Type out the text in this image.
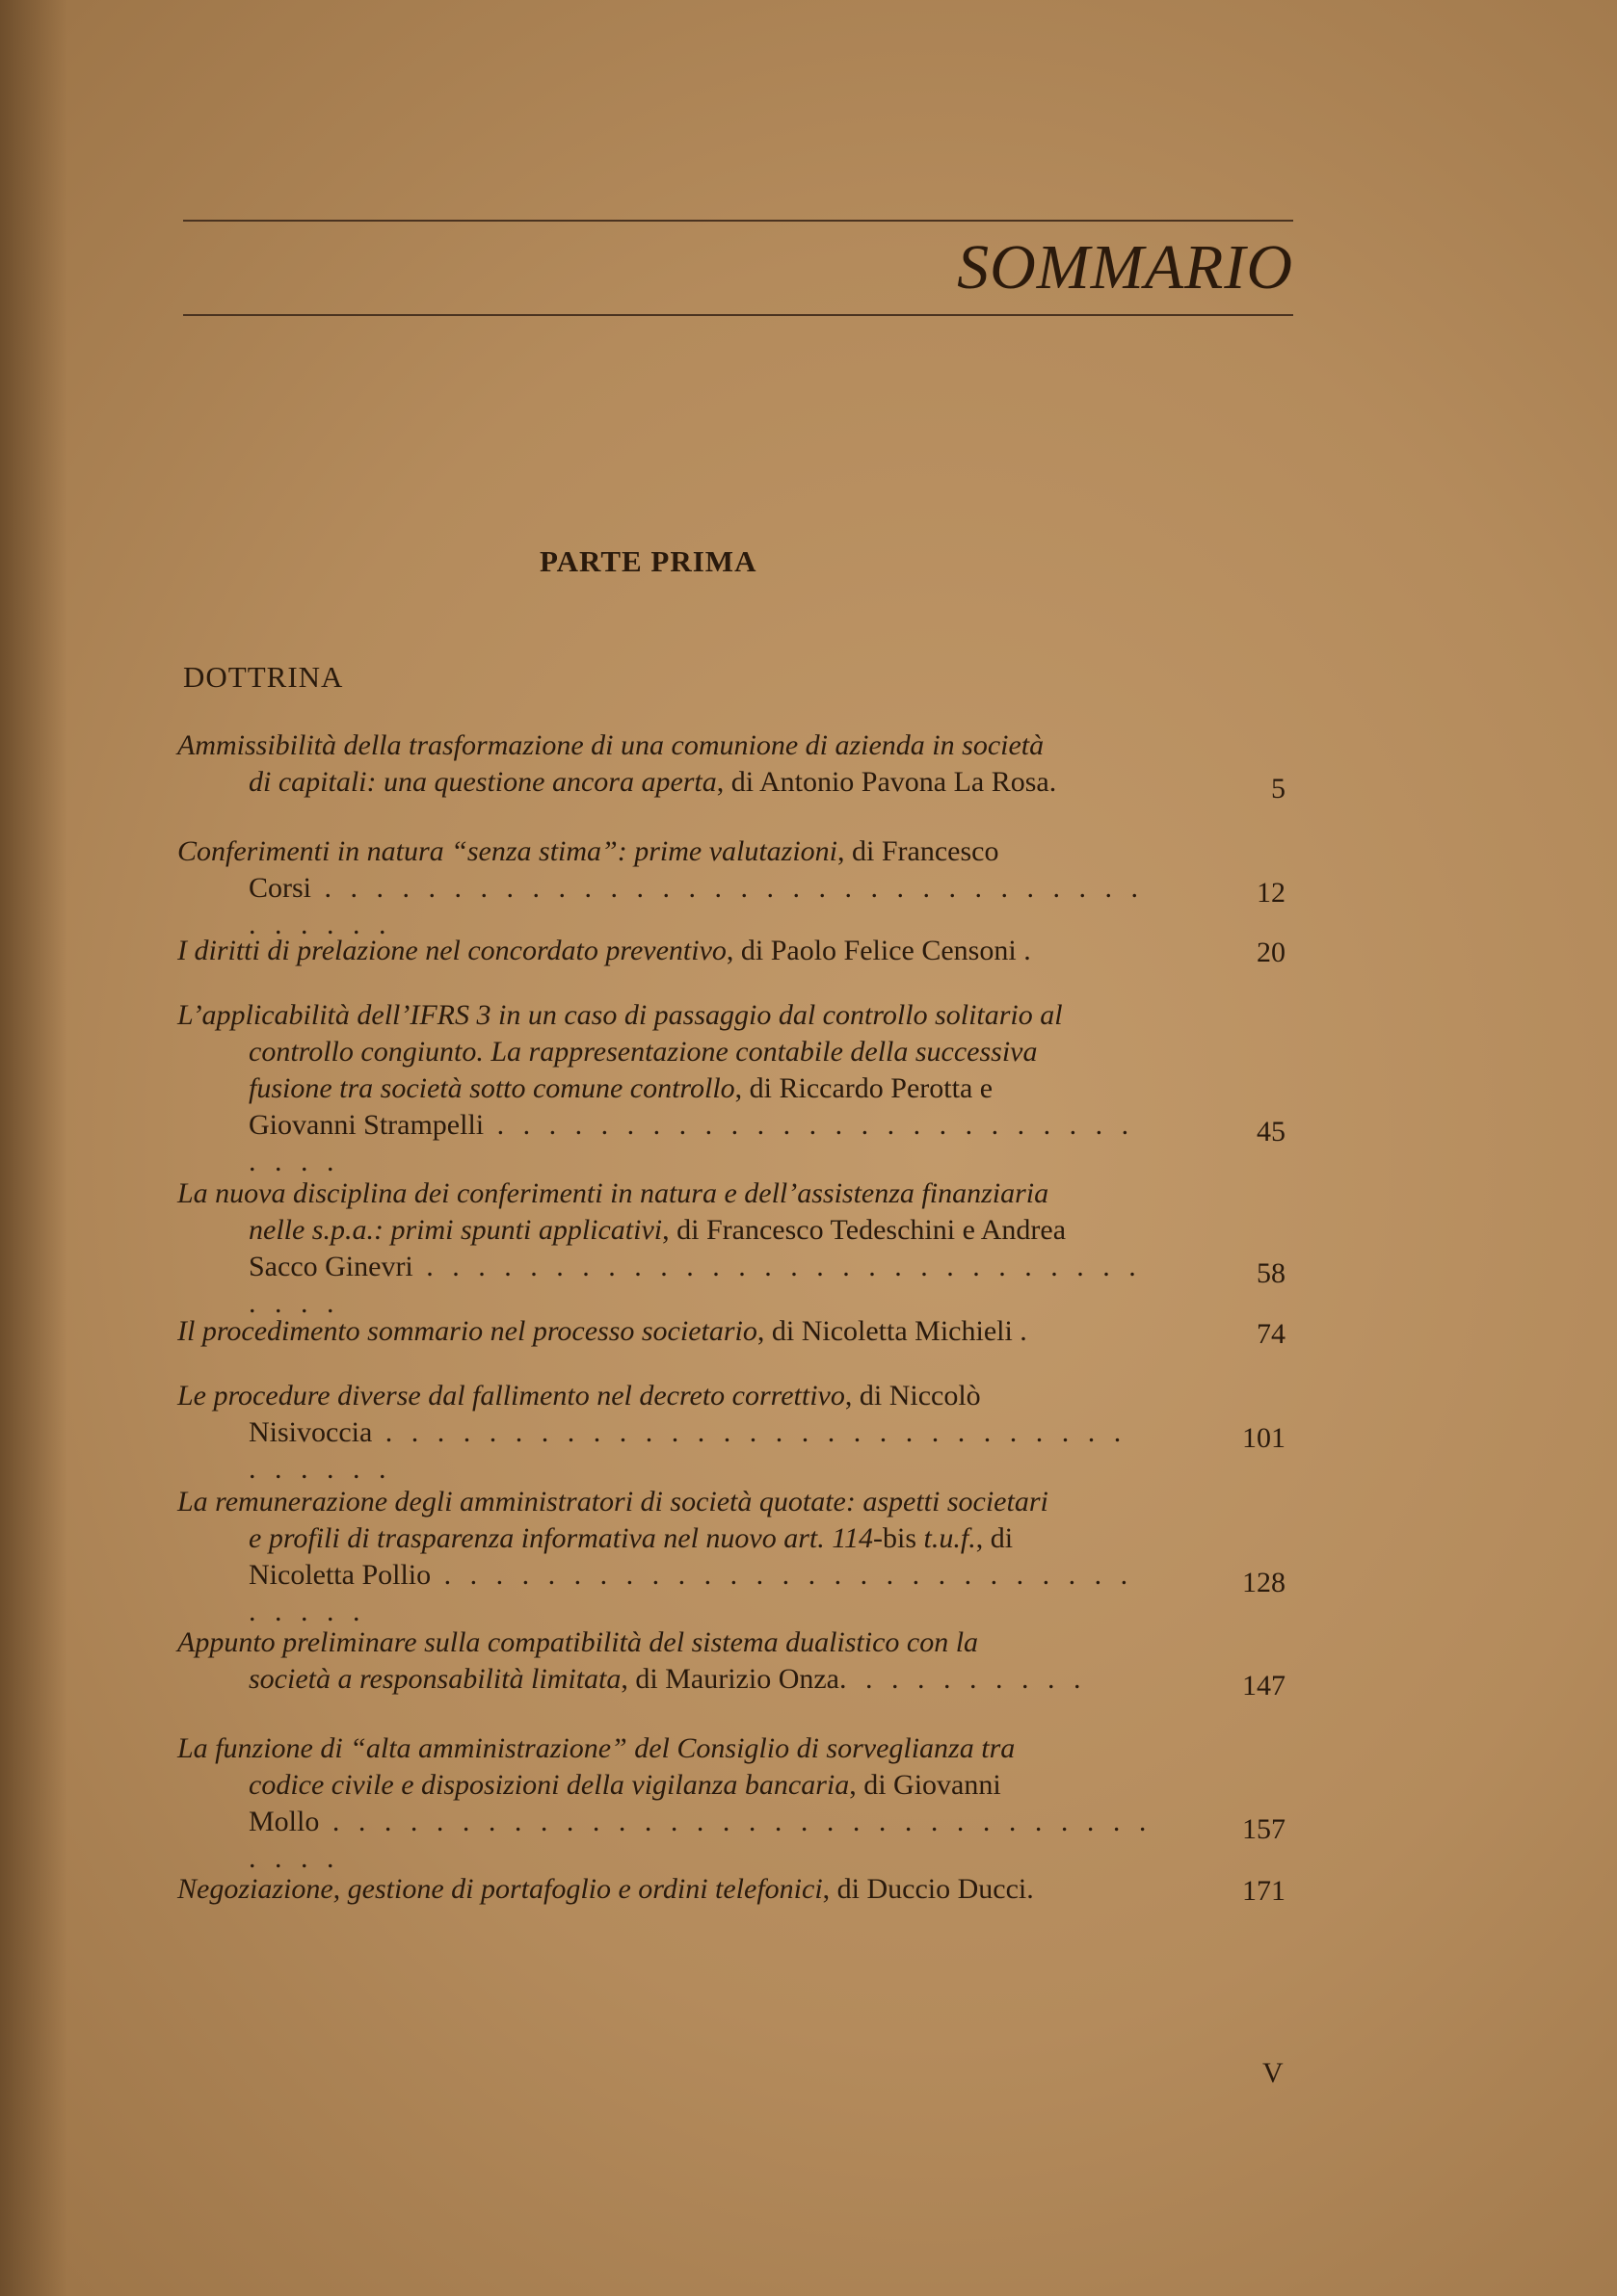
SOMMARIO
PARTE PRIMA
DOTTRINA
Ammissibilità della trasformazione di una comunione di azienda in società
di capitali: una questione ancora aperta, di Antonio Pavona La Rosa.	5
Conferimenti in natura “senza stima”: prime valutazioni, di Francesco
Corsi . . . . . . . . . . . . . . . . . . . . . . . . . . . . . . . . . . . . . .
12
I diritti di prelazione nel concordato preventivo, di Paolo Felice Censoni .	20
L’applicabilità dell’IFRS 3 in un caso di passaggio dal controllo solitario al
controllo congiunto. La rappresentazione contabile della successiva
fusione tra società sotto comune controllo, di Riccardo Perotta e
Giovanni Strampelli . . . . . . . . . . . . . . . . . . . . . . . . . . . . .
45
La nuova disciplina dei conferimenti in natura e dell’assistenza finanziaria
nelle s.p.a.: primi spunti applicativi, di Francesco Tedeschini e Andrea
Sacco Ginevri . . . . . . . . . . . . . . . . . . . . . . . . . . . . . . . .
58
Il procedimento sommario nel processo societario, di Nicoletta Michieli .	74
Le procedure diverse dal fallimento nel decreto correttivo, di Niccolò
Nisivoccia . . . . . . . . . . . . . . . . . . . . . . . . . . . . . . . . . . .
101
La remunerazione degli amministratori di società quotate: aspetti societari
e profili di trasparenza informativa nel nuovo art. 114-bis t.u.f., di
Nicoletta Pollio . . . . . . . . . . . . . . . . . . . . . . . . . . . . . . . .
128
Appunto preliminare sulla compatibilità del sistema dualistico con la
società a responsabilità limitata, di Maurizio Onza. . . . . . . . . .	147
La funzione di “alta amministrazione” del Consiglio di sorveglianza tra
codice civile e disposizioni della vigilanza bancaria, di Giovanni
Mollo . . . . . . . . . . . . . . . . . . . . . . . . . . . . . . . . . . . .
157
Negoziazione, gestione di portafoglio e ordini telefonici, di Duccio Ducci.	171
V
